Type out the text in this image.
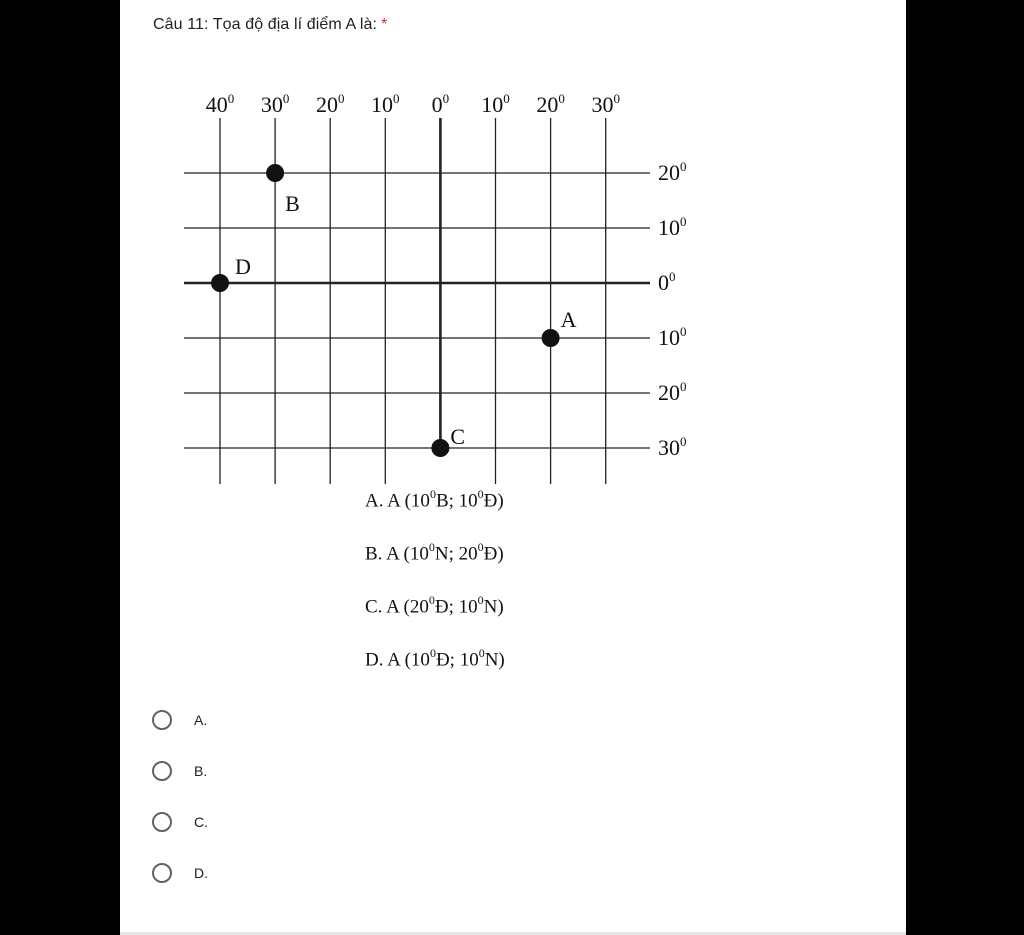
Câu 11: Tọa độ địa lí điểm A là: *
$40^0$ $30^0$ $20^0$ $10^0$ $0^0$ $10^0$ $20^0$ $30^0$
$20^0$
$10^0$
$0^0$
$10^0$
$20^0$
$30^0$
A
B
C
D
A. A ($10^0B$; $10^0Đ$)
B. A ($10^0N$; $20^0Đ$)
C. A ($20^0Đ$; $10^0N$)
D. A ($10^0Đ$; $10^0N$)
A.
B.
C.
D.
